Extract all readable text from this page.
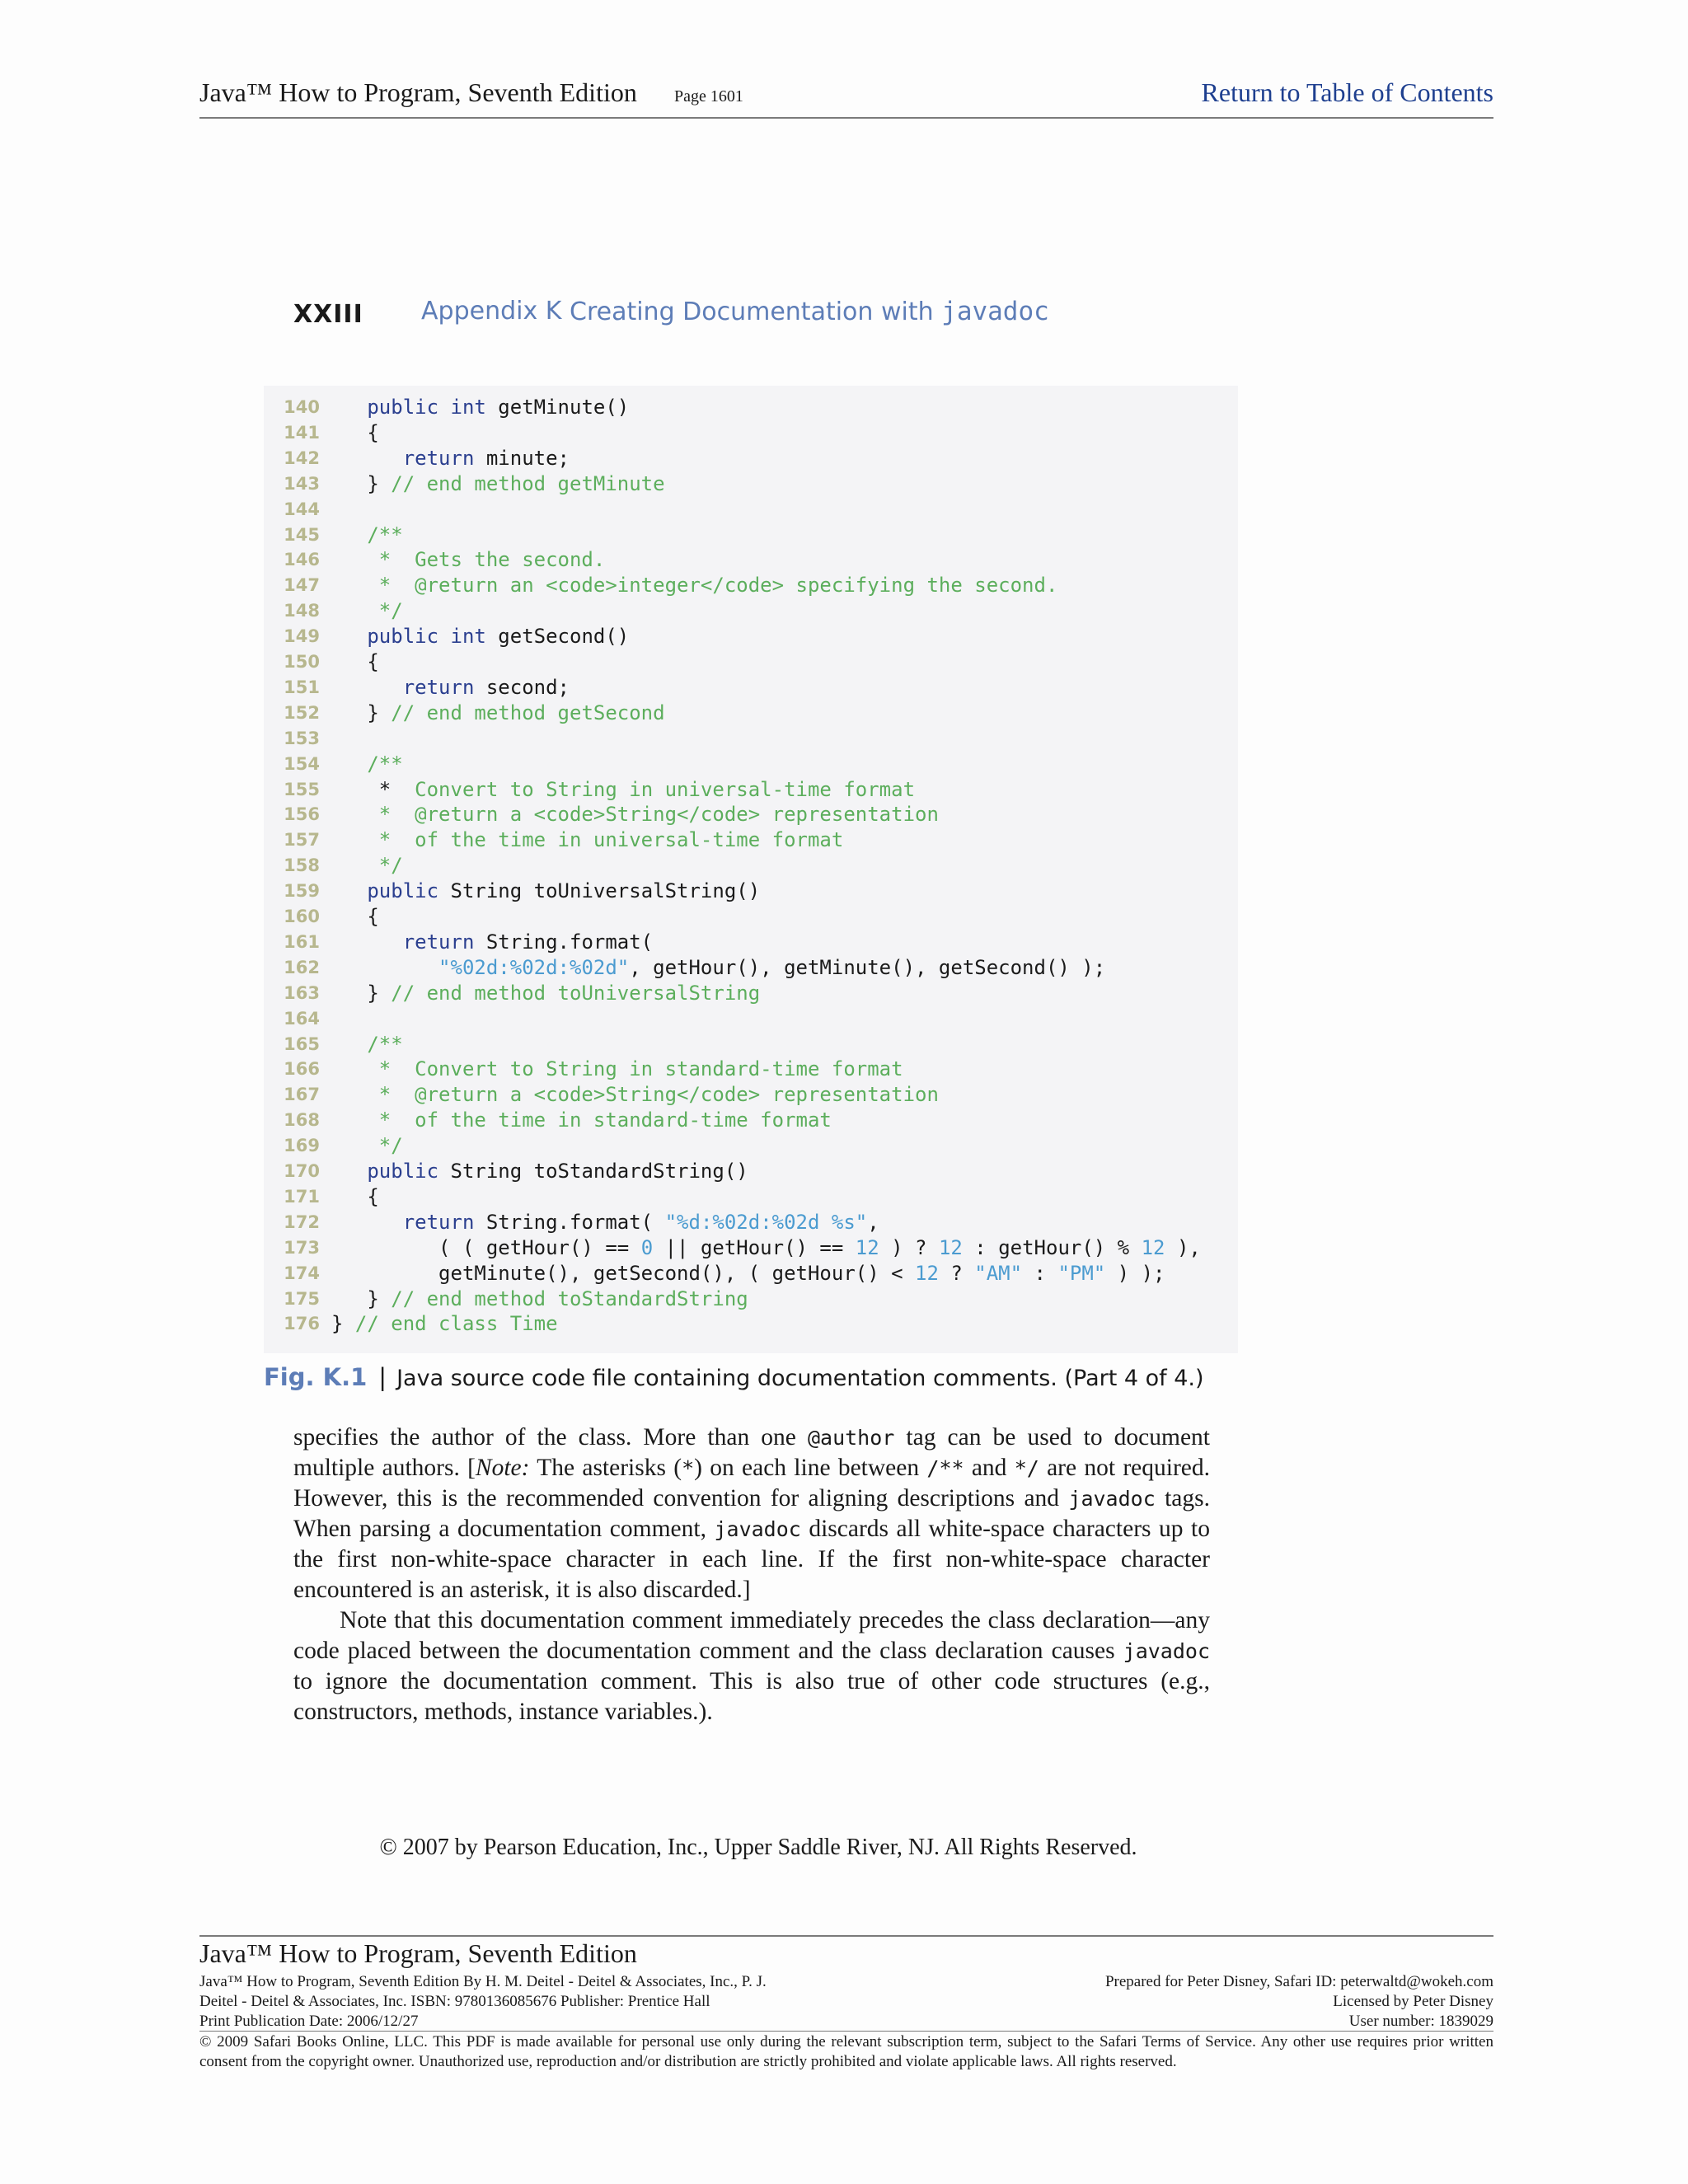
Java™ How to Program, Seventh Edition Page 1601	Return to Table of Contents
XXIII Appendix K Creating Documentation with javadoc
140 public int getMinute()
141 {
142 return minute;
143 } // end method getMinute
144
145 /**
146 *  Gets the second.
147 *  @return an <code>integer</code> specifying the second.
148 */
149 public int getSecond()
150 {
151 return second;
152 } // end method getSecond
153
154 /**
155 *  Convert to String in universal-time format
156 *  @return a <code>String</code> representation
157 *  of the time in universal-time format
158 */
159 public String toUniversalString()
160 {
161 return String.format(
162	"%02d:%02d:%02d", getHour(), getMinute(), getSecond() );
163 } // end method toUniversalString
164
165 /**
166 *  Convert to String in standard-time format
167 *  @return a <code>String</code> representation
168 *  of the time in standard-time format
169 */
170 public String toStandardString()
171 {
172 return String.format( "%d:%02d:%02d %s",
173 ( ( getHour() == 0 || getHour() == 12 ) ? 12 : getHour() % 12 ),
174 getMinute(), getSecond(), ( getHour() < 12 ? "AM" : "PM" ) );
175 } // end method toStandardString
176 } // end class Time
Fig. K.1 | Java source code file containing documentation comments. (Part 4 of 4.)

specifies the author of the class. More than one @author tag can be used to document multiple authors. [Note: The asterisks (*) on each line between /** and */ are not required. However, this is the recommended convention for aligning descriptions and javadoc tags. When parsing a documentation comment, javadoc discards all white-space characters up to the first non-white-space character in each line. If the first non-white-space character encountered is an asterisk, it is also discarded.]

Note that this documentation comment immediately precedes the class declaration—any code placed between the documentation comment and the class declaration causes javadoc to ignore the documentation comment. This is also true of other code structures (e.g., constructors, methods, instance variables.).

© 2007 by Pearson Education, Inc., Upper Saddle River, NJ. All Rights Reserved.
Java™ How to Program, Seventh Edition
Java™ How to Program, Seventh Edition By H. M. Deitel - Deitel & Associates, Inc., P. J.
Deitel - Deitel & Associates, Inc. ISBN: 9780136085676 Publisher: Prentice Hall
Print Publication Date: 2006/12/27
Prepared for Peter Disney, Safari ID: peterwaltd@wokeh.com
Licensed by Peter Disney
User number: 1839029
© 2009 Safari Books Online, LLC. This PDF is made available for personal use only during the relevant subscription term, subject to the Safari Terms of Service. Any other use requires prior written consent from the copyright owner. Unauthorized use, reproduction and/or distribution are strictly prohibited and violate applicable laws. All rights reserved.
